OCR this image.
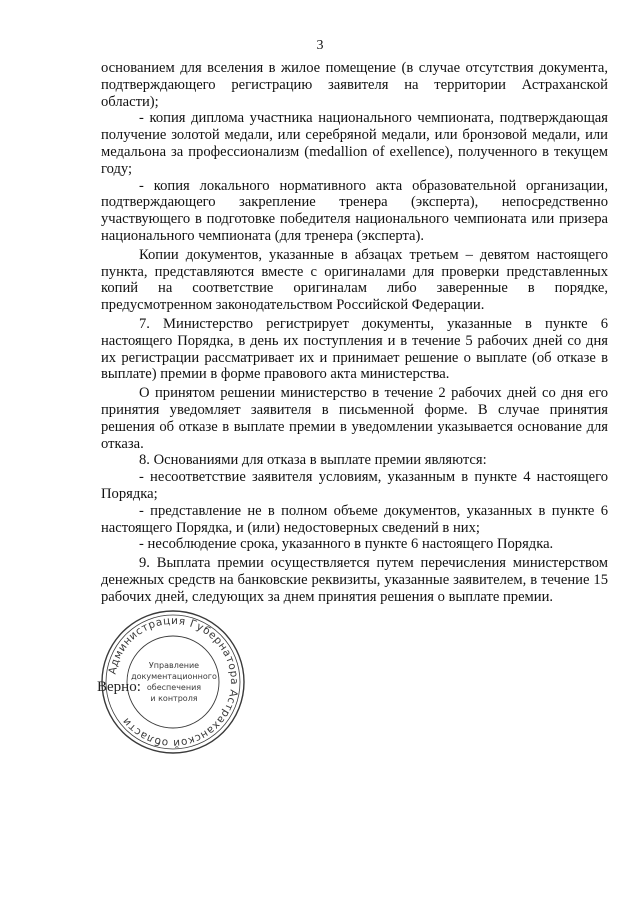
3

основанием для вселения в жилое помещение (в случае отсутствия документа, подтверждающего регистрацию заявителя на территории Астраханской области);

- копия диплома участника национального чемпионата, подтверждающая получение золотой медали, или серебряной медали, или бронзовой медали, или медальона за профессионализм (medallion of exellence), полученного в текущем году;

- копия локального нормативного акта образовательной организации, подтверждающего закрепление тренера (эксперта), непосредственно участвующего в подготовке победителя национального чемпионата или призера национального чемпионата (для тренера (эксперта).

Копии документов, указанные в абзацах третьем – девятом настоящего пункта, представляются вместе с оригиналами для проверки представленных копий на соответствие оригиналам либо заверенные в порядке, предусмотренном законодательством Российской Федерации.

7. Министерство регистрирует документы, указанные в пункте 6 настоящего Порядка, в день их поступления и в течение 5 рабочих дней со дня их регистрации рассматривает их и принимает решение о выплате (об отказе в выплате) премии в форме правового акта министерства.

О принятом решении министерство в течение 2 рабочих дней со дня его принятия уведомляет заявителя в письменной форме. В случае принятия решения об отказе в выплате премии в уведомлении указывается основание для отказа.

8. Основаниями для отказа в выплате премии являются:

- несоответствие заявителя условиям, указанным в пункте 4 настоящего Порядка;

- представление не в полном объеме документов, указанных в пункте 6 настоящего Порядка, и (или) недостоверных сведений в них;

- несоблюдение срока, указанного в пункте 6 настоящего Порядка.

9. Выплата премии осуществляется путем перечисления министерством денежных средств на банковские реквизиты, указанные заявителем, в течение 15 рабочих дней, следующих за днем принятия решения о выплате премии.

Администрация Губернатора Астраханской области
Управление
документационного
обеспечения
и контроля
Верно:
